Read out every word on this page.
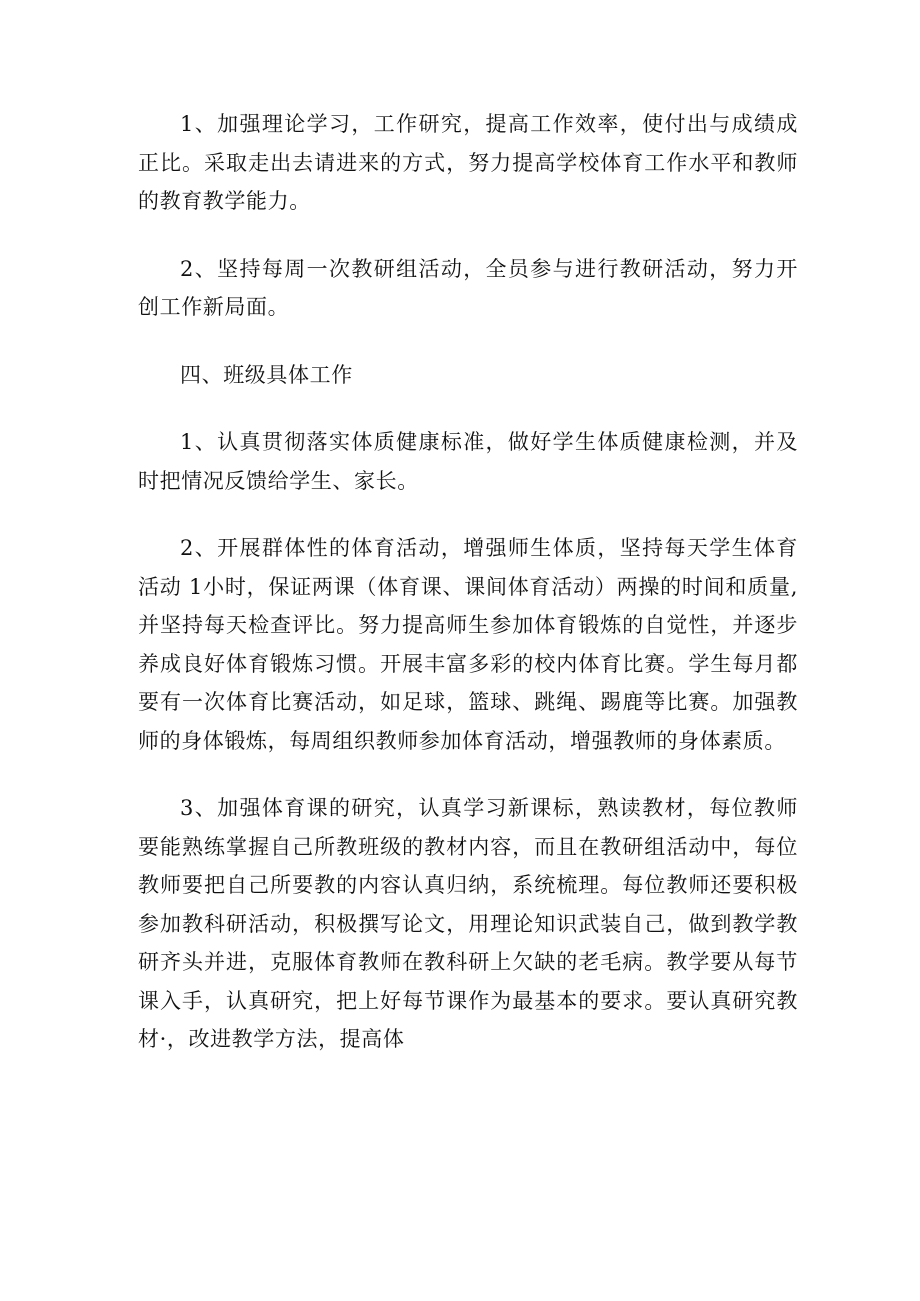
1、加强理论学习，工作研究，提高工作效率，使付出与成绩成正比。采取走出去请进来的方式，努力提高学校体育工作水平和教师的教育教学能力。
2、坚持每周一次教研组活动，全员参与进行教研活动，努力开创工作新局面。
四、班级具体工作
1、认真贯彻落实体质健康标准，做好学生体质健康检测，并及时把情况反馈给学生、家长。
2、开展群体性的体育活动，增强师生体质，坚持每天学生体育活动 1小时，保证两课（体育课、课间体育活动）两操的时间和质量, 并坚持每天检查评比。努力提高师生参加体育锻炼的自觉性，并逐步养成良好体育锻炼习惯。开展丰富多彩的校内体育比赛。学生每月都要有一次体育比赛活动，如足球，篮球、跳绳、踢鹿等比赛。加强教师的身体锻炼，每周组织教师参加体育活动，增强教师的身体素质。
3、加强体育课的研究，认真学习新课标，熟读教材，每位教师要能熟练掌握自己所教班级的教材内容，而且在教研组活动中，每位教师要把自己所要教的内容认真归纳，系统梳理。每位教师还要积极参加教科研活动，积极撰写论文，用理论知识武装自己，做到教学教研齐头并进，克服体育教师在教科研上欠缺的老毛病。教学要从每节课入手，认真研究，把上好每节课作为最基本的要求。要认真研究教材·，改进教学方法，提高体
